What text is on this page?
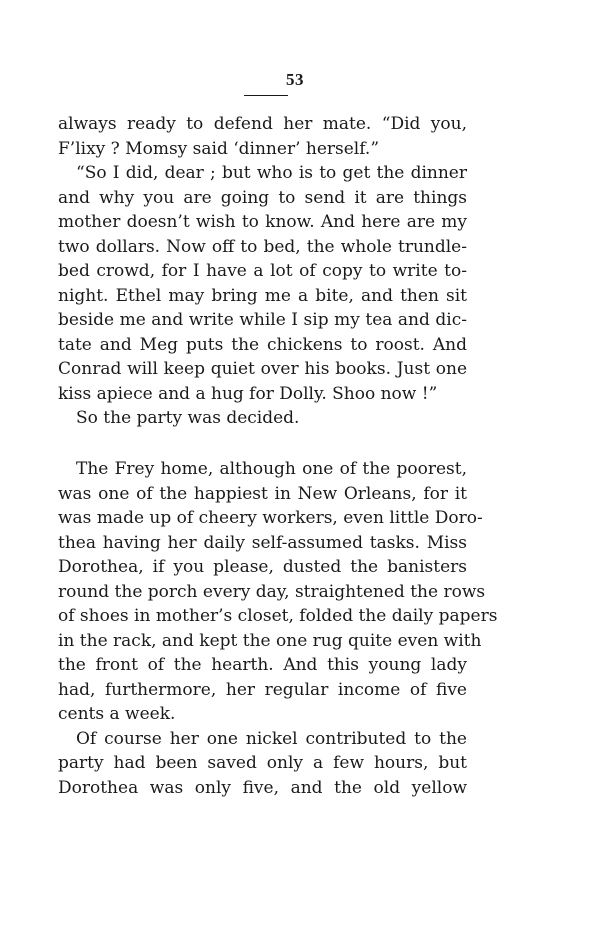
53
always ready to defend her mate. “Did you,
F’lixy ? Momsy said ‘dinner’ herself.”
“So I did, dear ; but who is to get the dinner
and why you are going to send it are things
mother doesn’t wish to know. And here are my
two dollars. Now off to bed, the whole trundle-
bed crowd, for I have a lot of copy to write to-
night. Ethel may bring me a bite, and then sit
beside me and write while I sip my tea and dic-
tate and Meg puts the chickens to roost. And
Conrad will keep quiet over his books. Just one
kiss apiece and a hug for Dolly. Shoo now !”
So the party was decided.
The Frey home, although one of the poorest,
was one of the happiest in New Orleans, for it
was made up of cheery workers, even little Doro-
thea having her daily self-assumed tasks. Miss
Dorothea, if you please, dusted the banisters
round the porch every day, straightened the rows
of shoes in mother’s closet, folded the daily papers
in the rack, and kept the one rug quite even with
the front of the hearth. And this young lady
had, furthermore, her regular income of five
cents a week.
Of course her one nickel contributed to the
party had been saved only a few hours, but
Dorothea was only five, and the old yellow
